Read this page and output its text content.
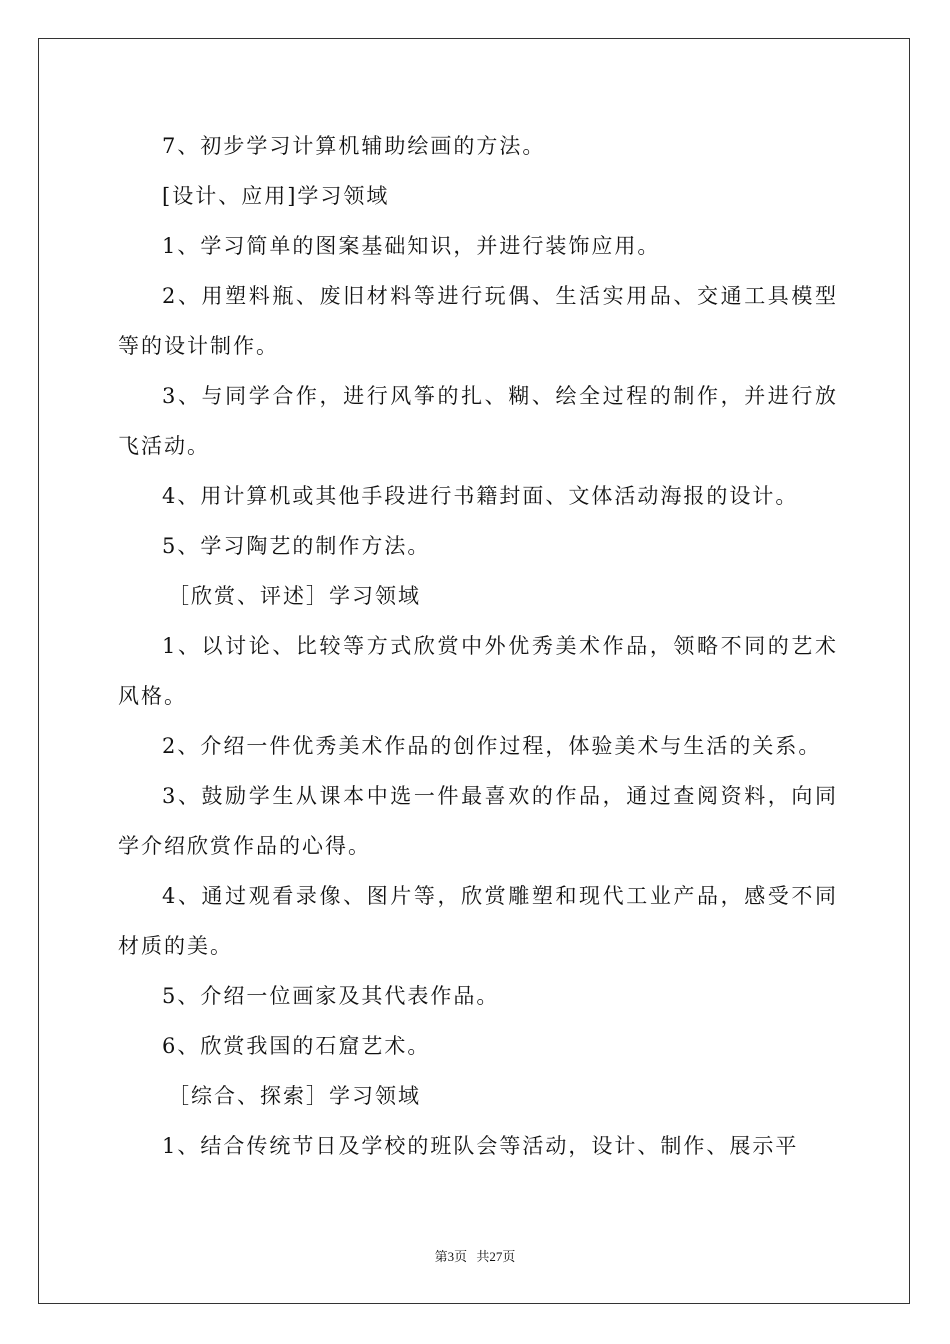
7、初步学习计算机辅助绘画的方法。

[设计、应用]学习领域

1、学习简单的图案基础知识，并进行装饰应用。

2、用塑料瓶、废旧材料等进行玩偶、生活实用品、交通工具模型等的设计制作。

3、与同学合作，进行风筝的扎、糊、绘全过程的制作，并进行放飞活动。

4、用计算机或其他手段进行书籍封面、文体活动海报的设计。

5、学习陶艺的制作方法。

［欣赏、评述］学习领域

1、以讨论、比较等方式欣赏中外优秀美术作品，领略不同的艺术风格。

2、介绍一件优秀美术作品的创作过程，体验美术与生活的关系。

3、鼓励学生从课本中选一件最喜欢的作品，通过查阅资料，向同学介绍欣赏作品的心得。

4、通过观看录像、图片等，欣赏雕塑和现代工业产品，感受不同材质的美。

5、介绍一位画家及其代表作品。

6、欣赏我国的石窟艺术。

［综合、探索］学习领域

1、结合传统节日及学校的班队会等活动，设计、制作、展示平

第3页 共27页
